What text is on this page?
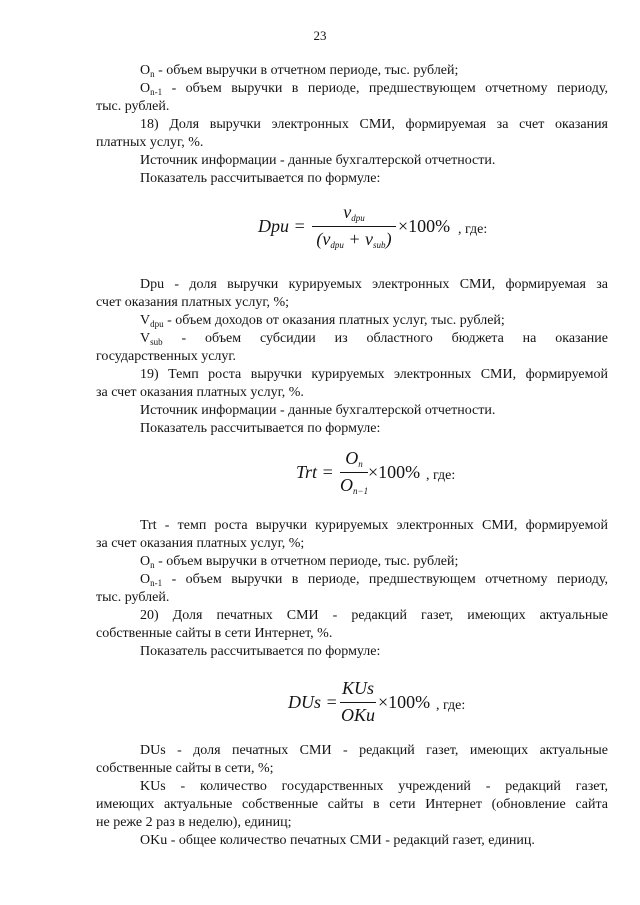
23
$O_n$ - объем выручки в отчетном периоде, тыс. рублей;
$O_{n-1}$ - объем выручки в периоде, предшествующем отчетному периоду,
тыс. рублей.
18) Доля выручки электронных СМИ, формируемая за счет оказания
платных услуг, %.
Источник информации - данные бухгалтерской отчетности.
Показатель рассчитывается по формуле:
Dpu =
vdpu
(vdpu + vsub)
×100% , где:
Dpu - доля выручки курируемых электронных СМИ, формируемая за
счет оказания платных услуг, %;
$V_{dpu}$ - объем доходов от оказания платных услуг, тыс. рублей;
$V_{sub}$ - объем субсидии из областного бюджета на оказание
государственных услуг.
19) Темп роста выручки курируемых электронных СМИ, формируемой
за счет оказания платных услуг, %.
Источник информации - данные бухгалтерской отчетности.
Показатель рассчитывается по формуле:
Trt =
On
On−1
×100% , где:
Trt - темп роста выручки курируемых электронных СМИ, формируемой
за счет оказания платных услуг, %;
$O_n$ - объем выручки в отчетном периоде, тыс. рублей;
$O_{n-1}$ - объем выручки в периоде, предшествующем отчетному периоду,
тыс. рублей.
20) Доля печатных СМИ - редакций газет, имеющих актуальные
собственные сайты в сети Интернет, %.
Показатель рассчитывается по формуле:
DUs =
KUs
OKu
×100% , где:
DUs - доля печатных СМИ - редакций газет, имеющих актуальные
собственные сайты в сети, %;
KUs - количество государственных учреждений - редакций газет,
имеющих актуальные собственные сайты в сети Интернет (обновление сайта
не реже 2 раз в неделю), единиц;
OKu - общее количество печатных СМИ - редакций газет, единиц.
